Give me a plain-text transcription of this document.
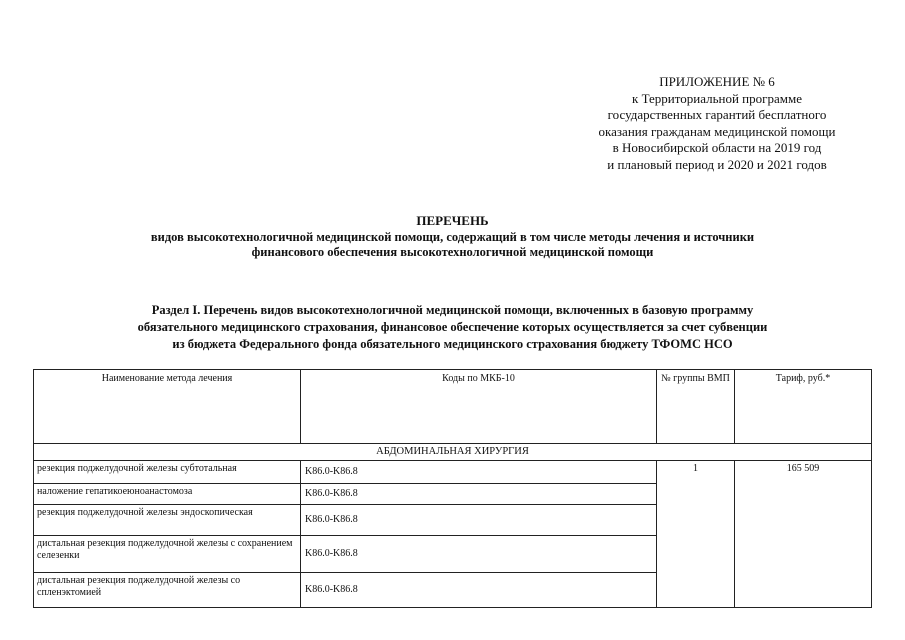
ПРИЛОЖЕНИЕ № 6
к Территориальной программе
государственных гарантий бесплатного
оказания гражданам медицинской помощи
в Новосибирской области на 2019 год
и плановый период и 2020 и 2021 годов
ПЕРЕЧЕНЬ
видов высокотехнологичной медицинской помощи, содержащий в том числе методы лечения и источники
финансового обеспечения высокотехнологичной медицинской помощи
Раздел I. Перечень видов высокотехнологичной медицинской помощи, включенных в базовую программу
обязательного медицинского страхования, финансовое обеспечение которых осуществляется за счет субвенции
из бюджета Федерального фонда обязательного медицинского страхования бюджету ТФОМС НСО
Наименование метода лечения	Коды по МКБ-10	№ группы ВМП	Тариф, руб.*
АБДОМИНАЛЬНАЯ ХИРУРГИЯ			
резекция поджелудочной железы субтотальная	K86.0-K86.8	1	165 509
наложение гепатикоеюноанастомоза	K86.0-K86.8		
резекция поджелудочной железы эндоскопическая	K86.0-K86.8		
дистальная резекция поджелудочной железы с сохранением селезенки	K86.0-K86.8		
дистальная резекция поджелудочной железы со спленэктомией	K86.0-K86.8		
